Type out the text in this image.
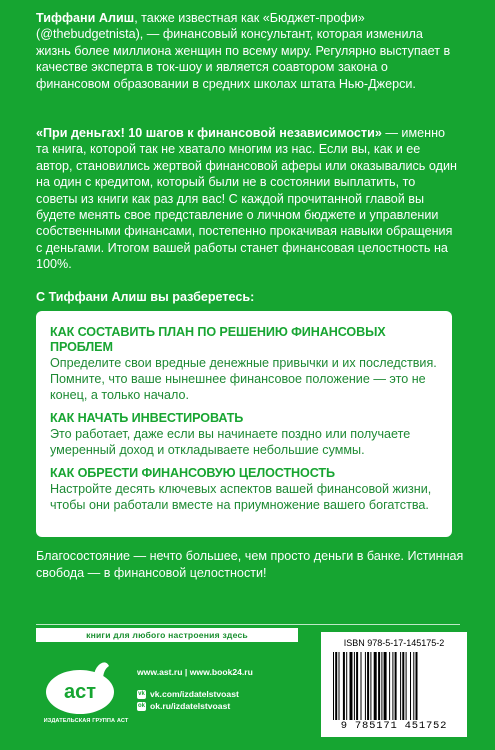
Тиффани Алиш, также известная как «Бюджет-профи» (@thebudgetnista), — финансовый консультант, которая изменила жизнь более миллиона женщин по всему миру. Регулярно выступает в качестве эксперта в ток-шоу и является соавтором закона о финансовом образовании в средних школах штата Нью-Джерси.
«При деньгах! 10 шагов к финансовой независимости» — именно та книга, которой так не хватало многим из нас. Если вы, как и ее автор, становились жертвой финансовой аферы или оказывались один на один с кредитом, который были не в состоянии выплатить, то советы из книги как раз для вас! С каждой прочитанной главой вы будете менять свое представление о личном бюджете и управлении собственными финансами, постепенно прокачивая навыки обращения с деньгами. Итогом вашей работы станет финансовая целостность на 100%.
С Тиффани Алиш вы разберетесь:
КАК СОСТАВИТЬ ПЛАН ПО РЕШЕНИЮ ФИНАНСОВЫХ ПРОБЛЕМ
Определите свои вредные денежные привычки и их последствия. Помните, что ваше нынешнее финансовое положение — это не конец, а только начало.
КАК НАЧАТЬ ИНВЕСТИРОВАТЬ
Это работает, даже если вы начинаете поздно или получаете умеренный доход и откладываете небольшие суммы.
КАК ОБРЕСТИ ФИНАНСОВУЮ ЦЕЛОСТНОСТЬ
Настройте десять ключевых аспектов вашей финансовой жизни, чтобы они работали вместе на приумножение вашего богатства.
Благосостояние — нечто большее, чем просто деньги в банке. Истинная свобода — в финансовой целостности!
книги для любого настроения здесь
аст
ИЗДАТЕЛЬСКАЯ ГРУППА АСТ
www.ast.ru | www.book24.ru
vk vk.com/izdatelstvoast
ok ok.ru/izdatelstvoast
ISBN 978-5-17-145175-2
9 785171 451752
